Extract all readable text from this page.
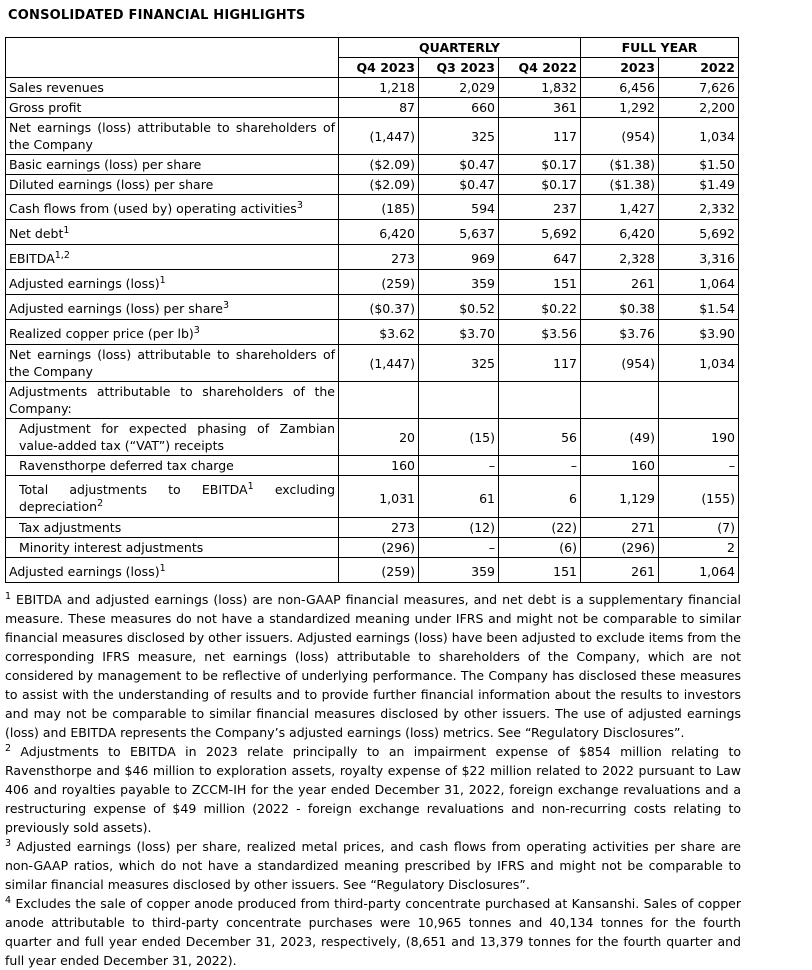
CONSOLIDATED FINANCIAL HIGHLIGHTS
	QUARTERLY			FULL YEAR	
	Q4 2023	Q3 2023	Q4 2022	2023	2022
Sales revenues	1,218	2,029	1,832	6,456	7,626
Gross profit	87	660	361	1,292	2,200
Net earnings (loss) attributable to shareholders of the Company	(1,447)	325	117	(954)	1,034
Basic earnings (loss) per share	($2.09)	$0.47	$0.17	($1.38)	$1.50
Diluted earnings (loss) per share	($2.09)	$0.47	$0.17	($1.38)	$1.49
Cash flows from (used by) operating activities$^3$	(185)	594	237	1,427	2,332
Net debt$^1$	6,420	5,637	5,692	6,420	5,692
EBITDA$^{1,2}$	273	969	647	2,328	3,316
Adjusted earnings (loss)$^1$	(259)	359	151	261	1,064
Adjusted earnings (loss) per share$^3$	($0.37)	$0.52	$0.22	$0.38	$1.54
Realized copper price (per lb)$^3$	$3.62	$3.70	$3.56	$3.76	$3.90
Net earnings (loss) attributable to shareholders of the Company	(1,447)	325	117	(954)	1,034
Adjustments attributable to shareholders of the Company:					
Adjustment for expected phasing of Zambian value-added tax (“VAT”) receipts	20	(15)	56	(49)	190
Ravensthorpe deferred tax charge	160	–	–	160	–
Total adjustments to EBITDA$^1$ excluding depreciation$^2$	1,031	61	6	1,129	(155)
Tax adjustments	273	(12)	(22)	271	(7)
Minority interest adjustments	(296)	–	(6)	(296)	2
Adjusted earnings (loss)$^1$	(259)	359	151	261	1,064

$^1$ EBITDA and adjusted earnings (loss) are non-GAAP financial measures, and net debt is a supplementary financial measure. These measures do not have a standardized meaning under IFRS and might not be comparable to similar financial measures disclosed by other issuers. Adjusted earnings (loss) have been adjusted to exclude items from the corresponding IFRS measure, net earnings (loss) attributable to shareholders of the Company, which are not considered by management to be reflective of underlying performance. The Company has disclosed these measures to assist with the understanding of results and to provide further financial information about the results to investors and may not be comparable to similar financial measures disclosed by other issuers. The use of adjusted earnings (loss) and EBITDA represents the Company’s adjusted earnings (loss) metrics. See “Regulatory Disclosures”.

$^2$ Adjustments to EBITDA in 2023 relate principally to an impairment expense of $854 million relating to Ravensthorpe and $46 million to exploration assets, royalty expense of $22 million related to 2022 pursuant to Law 406 and royalties payable to ZCCM-IH for the year ended December 31, 2022, foreign exchange revaluations and a restructuring expense of $49 million (2022 - foreign exchange revaluations and non-recurring costs relating to previously sold assets).

$^3$ Adjusted earnings (loss) per share, realized metal prices, and cash flows from operating activities per share are non-GAAP ratios, which do not have a standardized meaning prescribed by IFRS and might not be comparable to similar financial measures disclosed by other issuers. See “Regulatory Disclosures”.

$^4$ Excludes the sale of copper anode produced from third-party concentrate purchased at Kansanshi. Sales of copper anode attributable to third-party concentrate purchases were 10,965 tonnes and 40,134 tonnes for the fourth quarter and full year ended December 31, 2023, respectively, (8,651 and 13,379 tonnes for the fourth quarter and full year ended December 31, 2022).
